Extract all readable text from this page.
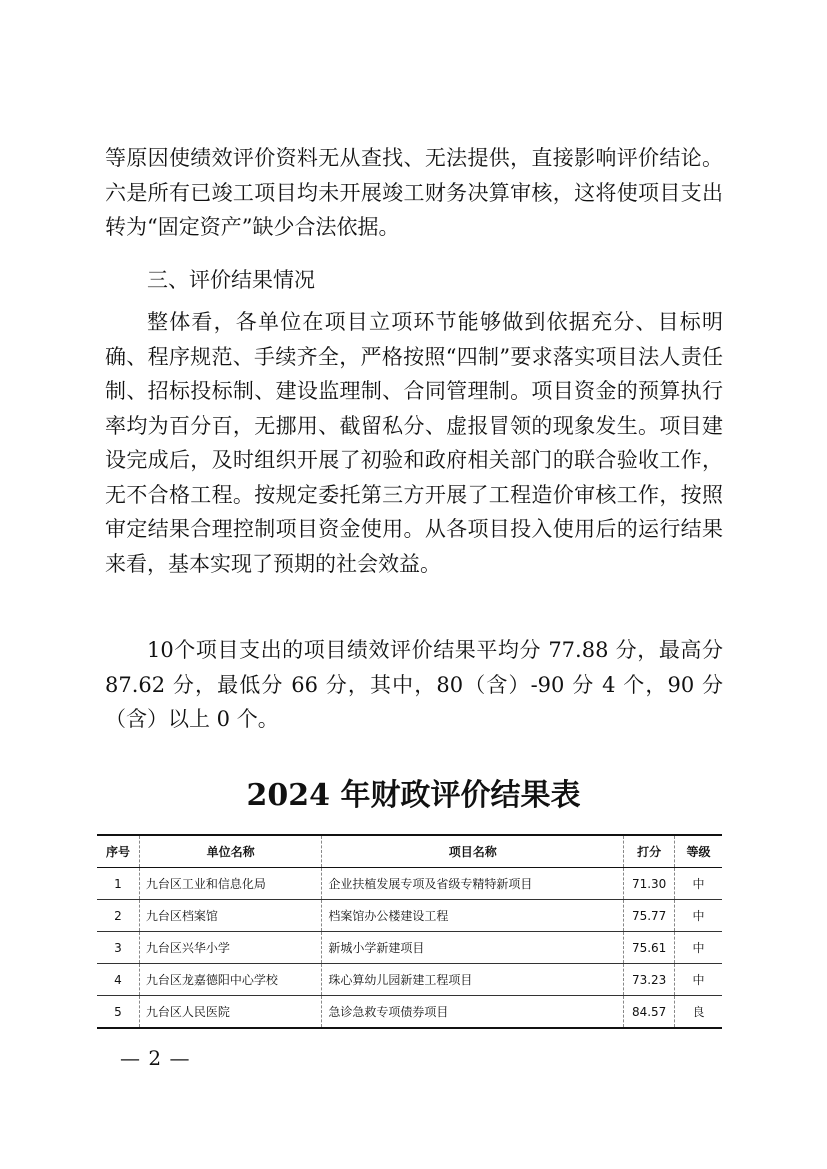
等原因使绩效评价资料无从查找、无法提供，直接影响评价结论。六是所有已竣工项目均未开展竣工财务决算审核，这将使项目支出转为“固定资产”缺少合法依据。

三、评价结果情况

整体看，各单位在项目立项环节能够做到依据充分、目标明确、程序规范、手续齐全，严格按照“四制”要求落实项目法人责任制、招标投标制、建设监理制、合同管理制。项目资金的预算执行率均为百分百，无挪用、截留私分、虚报冒领的现象发生。项目建设完成后，及时组织开展了初验和政府相关部门的联合验收工作，无不合格工程。按规定委托第三方开展了工程造价审核工作，按照审定结果合理控制项目资金使用。从各项目投入使用后的运行结果来看，基本实现了预期的社会效益。

10个项目支出的项目绩效评价结果平均分 77.88 分，最高分 87.62 分，最低分 66 分，其中，80（含）-90 分 4 个，90 分（含）以上 0 个。

2024 年财政评价结果表
序号	单位名称	项目名称	打分	等级
1	九台区工业和信息化局	企业扶植发展专项及省级专精特新项目	71.30	中
2	九台区档案馆	档案馆办公楼建设工程	75.77	中
3	九台区兴华小学	新城小学新建项目	75.61	中
4	九台区龙嘉德阳中心学校	珠心算幼儿园新建工程项目	73.23	中
5	九台区人民医院	急诊急救专项债券项目	84.57	良
— 2 —
